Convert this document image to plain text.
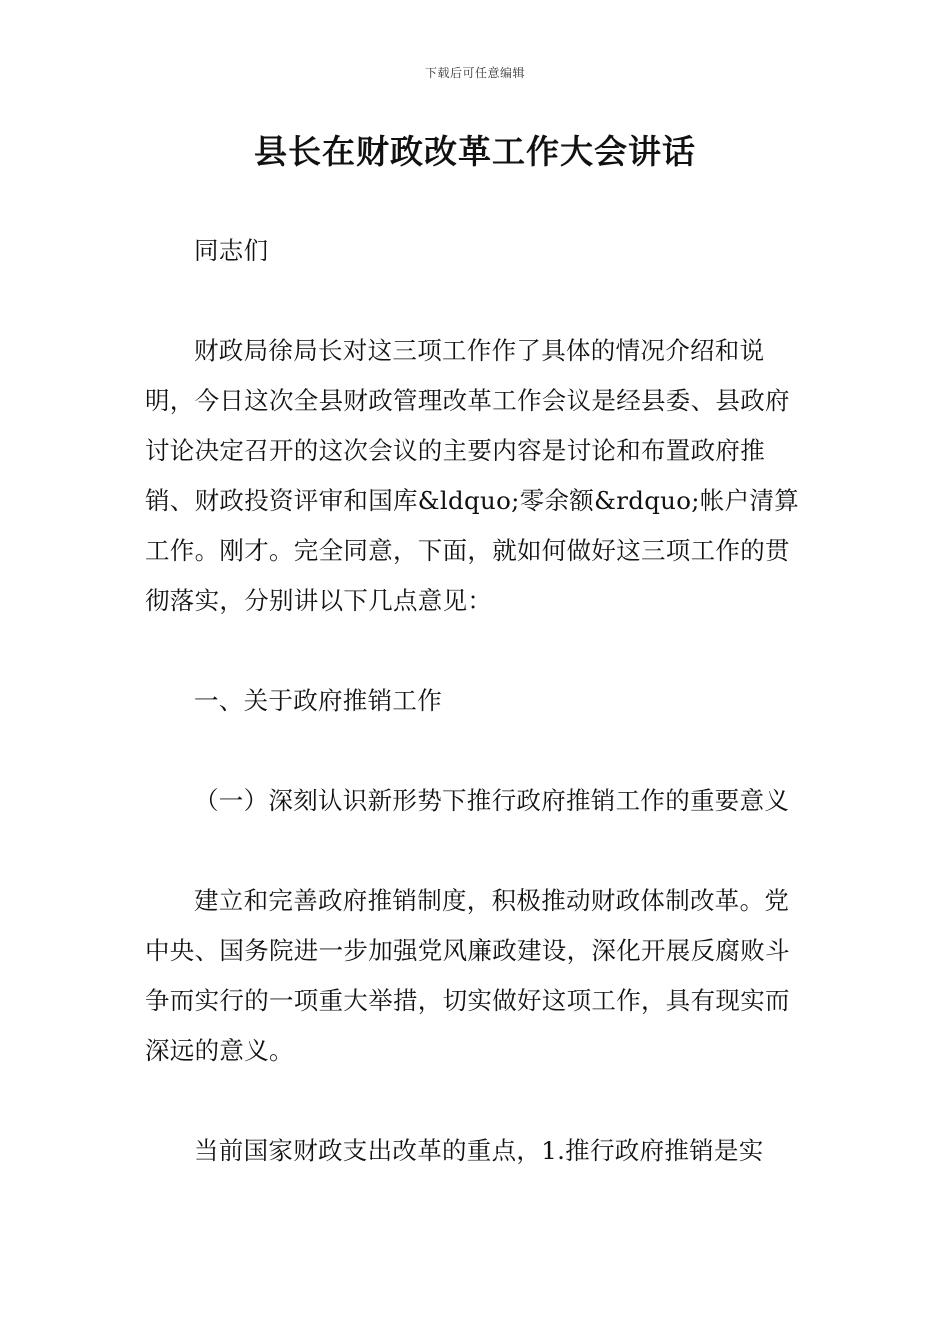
下载后可任意编辑
县长在财政改革工作大会讲话

同志们

财政局徐局长对这三项工作作了具体的情况介绍和说明，今日这次全县财政管理改革工作会议是经县委、县政府讨论决定召开的这次会议的主要内容是讨论和布置政府推销、财政投资评审和国库&ldquo;零余额&rdquo;帐户清算工作。刚才。完全同意，下面，就如何做好这三项工作的贯彻落实，分别讲以下几点意见：

一、关于政府推销工作

（一）深刻认识新形势下推行政府推销工作的重要意义

建立和完善政府推销制度，积极推动财政体制改革。党中央、国务院进一步加强党风廉政建设，深化开展反腐败斗争而实行的一项重大举措，切实做好这项工作，具有现实而深远的意义。

当前国家财政支出改革的重点，1.推行政府推销是实
